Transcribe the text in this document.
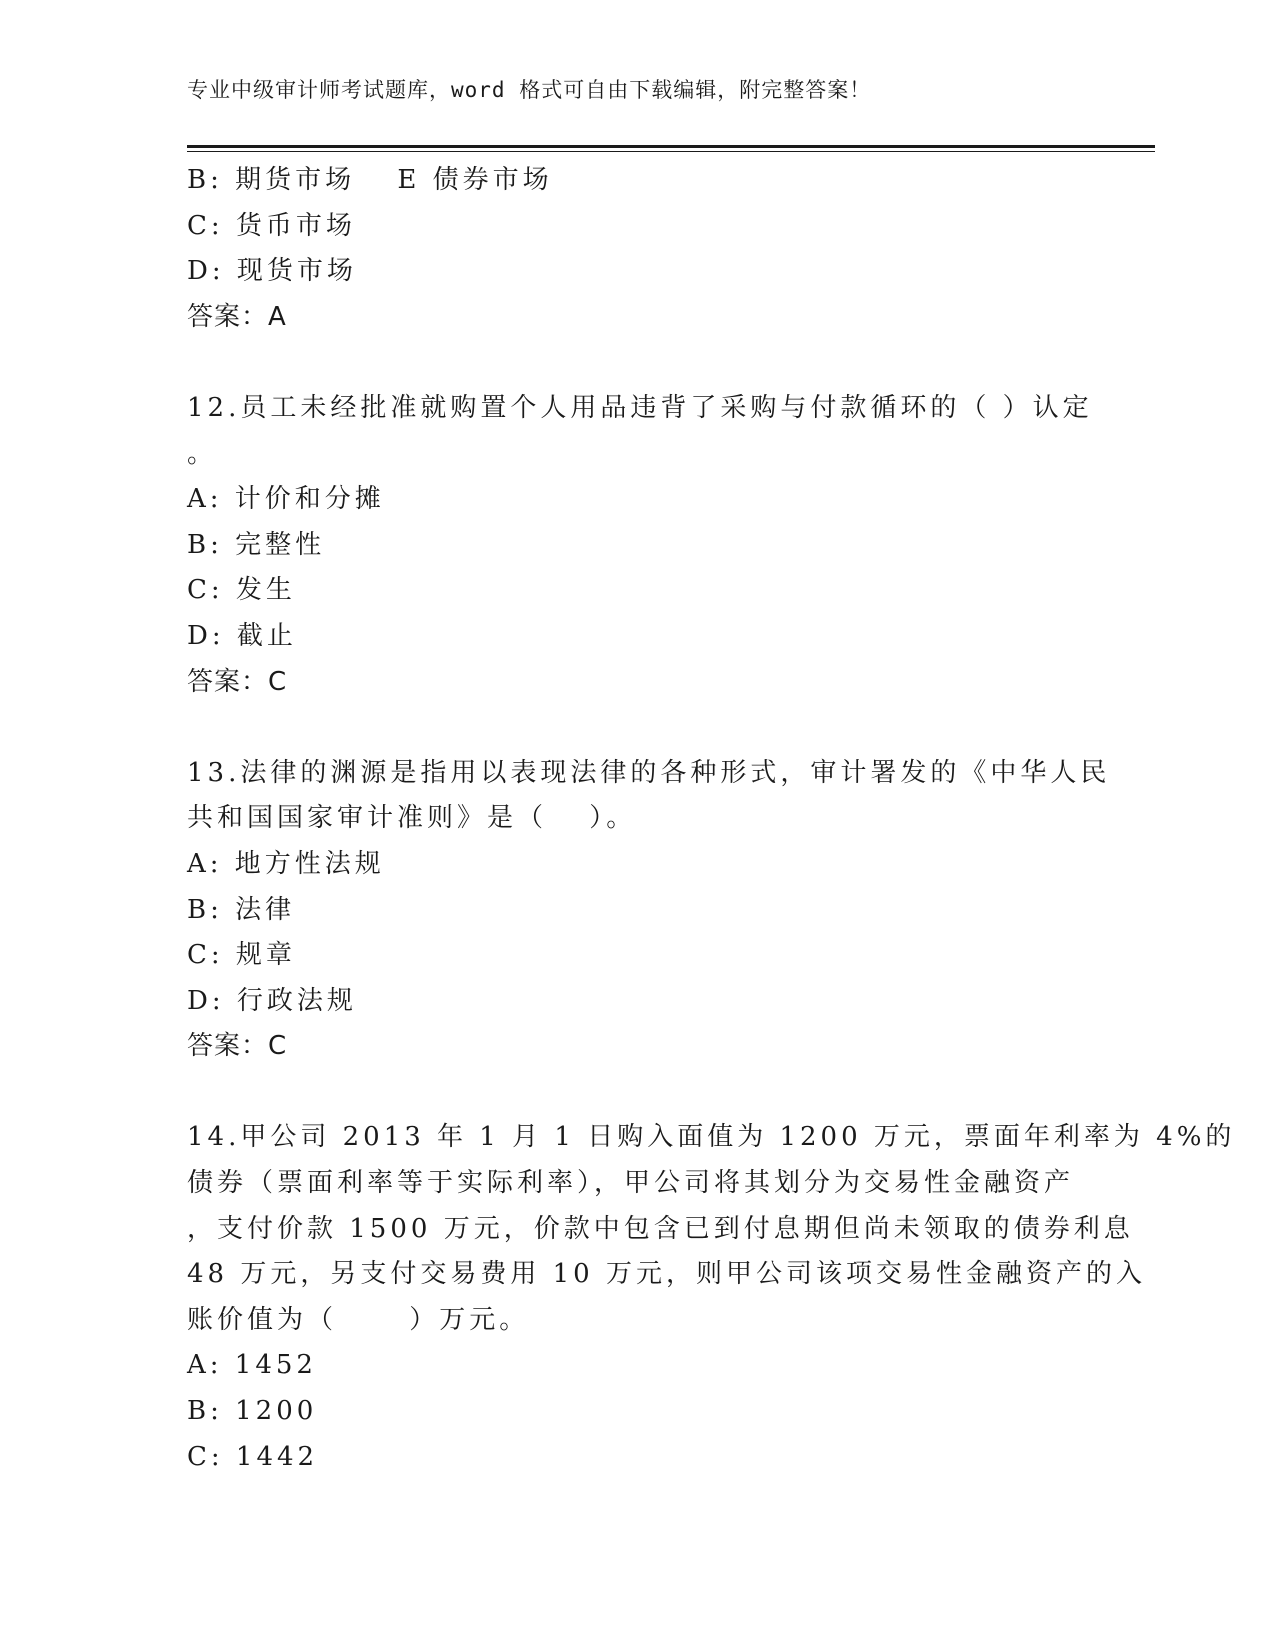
专业中级审计师考试题库，word 格式可自由下载编辑，附完整答案！
B: 期货市场　 E 债券市场
C: 货币市场
D: 现货市场
答案：A
12.员工未经批准就购置个人用品违背了采购与付款循环的（ ）认定
。
A: 计价和分摊
B: 完整性
C: 发生
D: 截止
答案：C
13.法律的渊源是指用以表现法律的各种形式，审计署发的《中华人民
共和国国家审计准则》是（　 ）。
A: 地方性法规
B: 法律
C: 规章
D: 行政法规
答案：C
14.甲公司 2013 年 1 月 1 日购入面值为 1200 万元，票面年利率为 4%的
债券（票面利率等于实际利率），甲公司将其划分为交易性金融资产
，支付价款 1500 万元，价款中包含已到付息期但尚未领取的债券利息
48 万元，另支付交易费用 10 万元，则甲公司该项交易性金融资产的入
账价值为（　　 ）万元。
A: 1452
B: 1200
C: 1442
